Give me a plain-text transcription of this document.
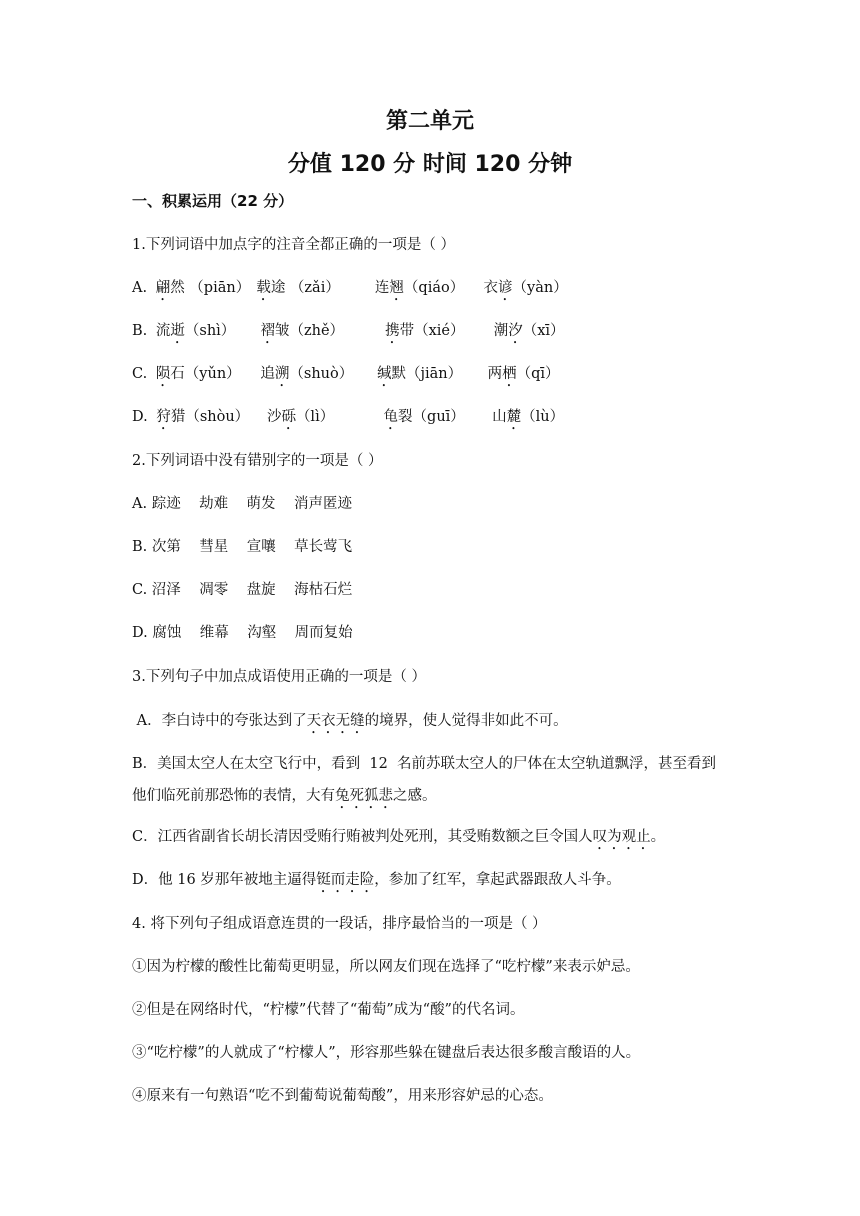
第二单元
分值 120 分 时间 120 分钟
一、积累运用（22 分）
1.下列词语中加点字的注音全都正确的一项是（ ）
A. 翩然 （piān） 载途 （zǎi） 连翘（qiáo） 衣谚（yàn）
B. 流逝（shì） 褶皱（zhě）	携带（xié） 潮汐（xī）
C. 陨石（yǔn） 追溯（shuò） 缄默（jiān） 两栖（qī）
D. 狩猎（shòu） 沙砾（lì）	龟裂（guī） 山麓（lù）
2.下列词语中没有错别字的一项是（ ）
A. 踪迹    劫难    萌发    消声匿迹
B. 次第    彗星    宣嚷    草长莺飞
C. 沼泽    凋零    盘旋    海枯石烂
D. 腐蚀    维幕    沟壑    周而复始
3.下列句子中加点成语使用正确的一项是（ ）
A．李白诗中的夸张达到了天衣无缝的境界，使人觉得非如此不可。
B．美国太空人在太空飞行中，看到  12  名前苏联太空人的尸体在太空轨道飘浮，甚至看到
他们临死前那恐怖的表情，大有兔死狐悲之感。
C．江西省副省长胡长清因受贿行贿被判处死刑，其受贿数额之巨令国人叹为观止。
D．他 16 岁那年被地主逼得铤而走险，参加了红军，拿起武器跟敌人斗争。
4. 将下列句子组成语意连贯的一段话，排序最恰当的一项是（ ）
①因为柠檬的酸性比葡萄更明显，所以网友们现在选择了“吃柠檬”来表示妒忌。
②但是在网络时代，“柠檬”代替了“葡萄”成为“酸”的代名词。
③“吃柠檬”的人就成了“柠檬人”，形容那些躲在键盘后表达很多酸言酸语的人。
④原来有一句熟语“吃不到葡萄说葡萄酸”，用来形容妒忌的心态。
